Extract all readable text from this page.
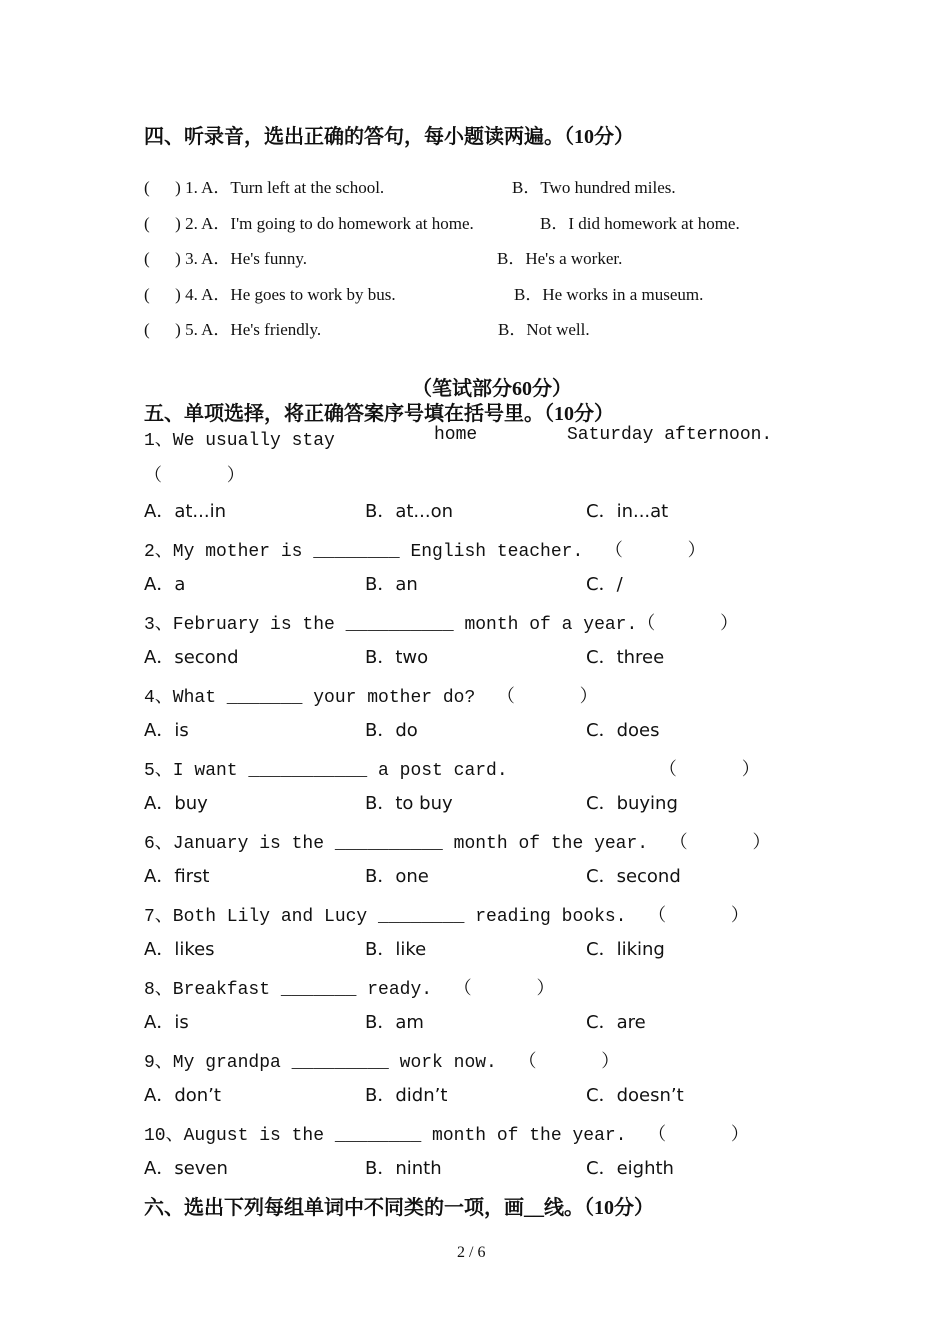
四、听录音，选出正确的答句，每小题读两遍。（10分）
(      ) 1. A．Turn left at the school.	B．Two hundred miles.
(      ) 2. A．I'm going to do homework at home.	B．I did homework at home.
(      ) 3. A．He's funny.	B．He's a worker.
(      ) 4. A．He goes to work by bus.	B．He works in a museum.
(      ) 5. A．He's friendly.	B．Not well.
（笔试部分60分）
五、单项选择，将正确答案序号填在括号里。（10分）
1、We usually stay	home	Saturday afternoon.
（      ）
A．at...in	B．at...on	C．in...at
2、My mother is ________ English teacher.  （      ）
A．a	B．an	C．/
3、February is the __________ month of a year.（      ）
A．second	B．two	C．three
4、What _______ your mother do?  （      ）
A．is	B．do	C．does
5、I want ___________ a post card.              （      ）
A．buy	B．to buy	C．buying
6、January is the __________ month of the year.  （      ）
A．first	B．one	C．second
7、Both Lily and Lucy ________ reading books.  （      ）
A．likes	B．like	C．liking
8、Breakfast _______ ready.  （      ）
A．is	B．am	C．are
9、My grandpa _________ work now.  （      ）
A．don’t	B．didn’t	C．doesn’t
10、August is the ________ month of the year.  （      ）
A．seven	B．ninth	C．eighth
六、选出下列每组单词中不同类的一项，画__线。（10分）
2 / 6
